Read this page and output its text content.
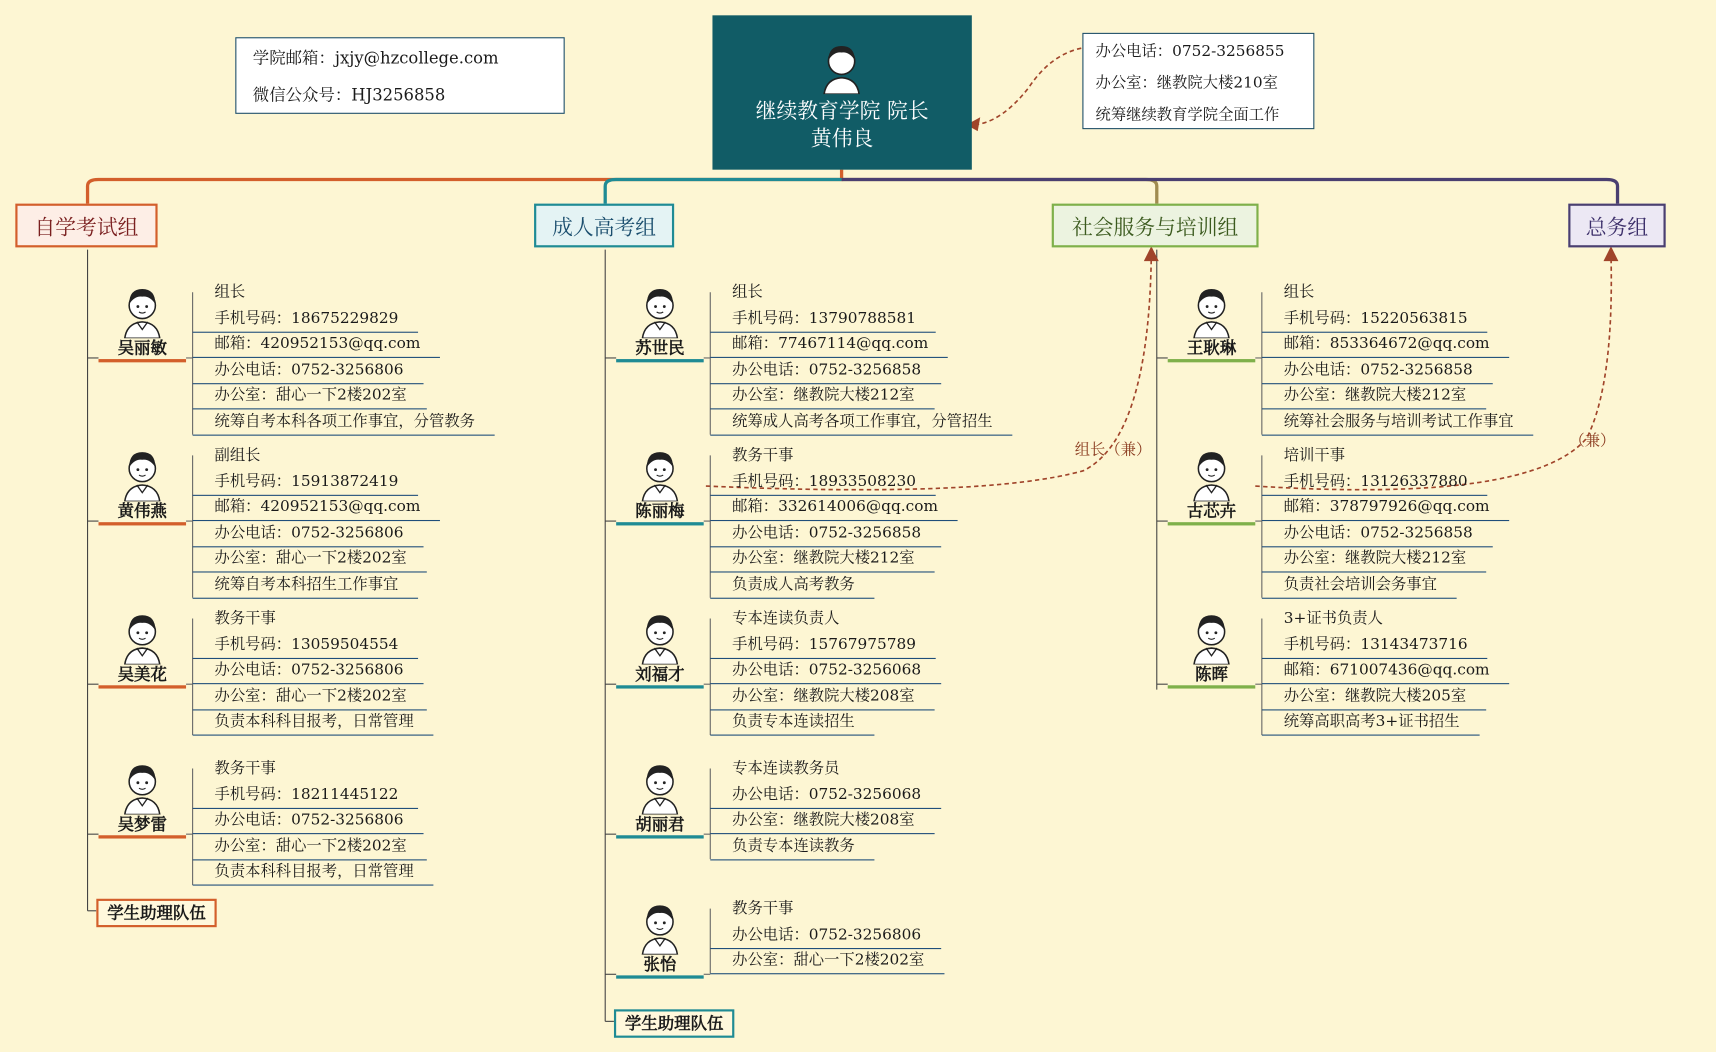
学院邮箱：jxjy@hzcollege.com
微信公众号：HJ3256858
继续教育学院 院长
黄伟良
办公电话：0752-3256855
办公室：继教院大楼210室
统筹继续教育学院全面工作
自学考试组
吴丽敏
组长
手机号码：18675229829
邮箱：420952153@qq.com
办公电话：0752-3256806
办公室：甜心一下2楼202室
统筹自考本科各项工作事宜，分管教务
黄伟燕
副组长
手机号码：15913872419
邮箱：420952153@qq.com
办公电话：0752-3256806
办公室：甜心一下2楼202室
统筹自考本科招生工作事宜
吴美花
教务干事
手机号码：13059504554
办公电话：0752-3256806
办公室：甜心一下2楼202室
负责本科科目报考，日常管理
吴梦雷
教务干事
手机号码：18211445122
办公电话：0752-3256806
办公室：甜心一下2楼202室
负责本科科目报考，日常管理
学生助理队伍
成人高考组
苏世民
组长
手机号码：13790788581
邮箱：77467114@qq.com
办公电话：0752-3256858
办公室：继教院大楼212室
统筹成人高考各项工作事宜，分管招生
陈丽梅
教务干事
手机号码：18933508230
邮箱：332614006@qq.com
办公电话：0752-3256858
办公室：继教院大楼212室
负责成人高考教务
刘福才
专本连读负责人
手机号码：15767975789
办公电话：0752-3256068
办公室：继教院大楼208室
负责专本连读招生
胡丽君
专本连读教务员
办公电话：0752-3256068
办公室：继教院大楼208室
负责专本连读教务
张怡
教务干事
办公电话：0752-3256806
办公室：甜心一下2楼202室
学生助理队伍
社会服务与培训组
王耿琳
组长
手机号码：15220563815
邮箱：853364672@qq.com
办公电话：0752-3256858
办公室：继教院大楼212室
统筹社会服务与培训考试工作事宜
古芯卉
培训干事
手机号码：13126337880
邮箱：378797926@qq.com
办公电话：0752-3256858
办公室：继教院大楼212室
负责社会培训会务事宜
陈晖
3+证书负责人
手机号码：13143473716
邮箱：671007436@qq.com
办公室：继教院大楼205室
统筹高职高考3+证书招生
总务组
组长（兼）	（兼）
